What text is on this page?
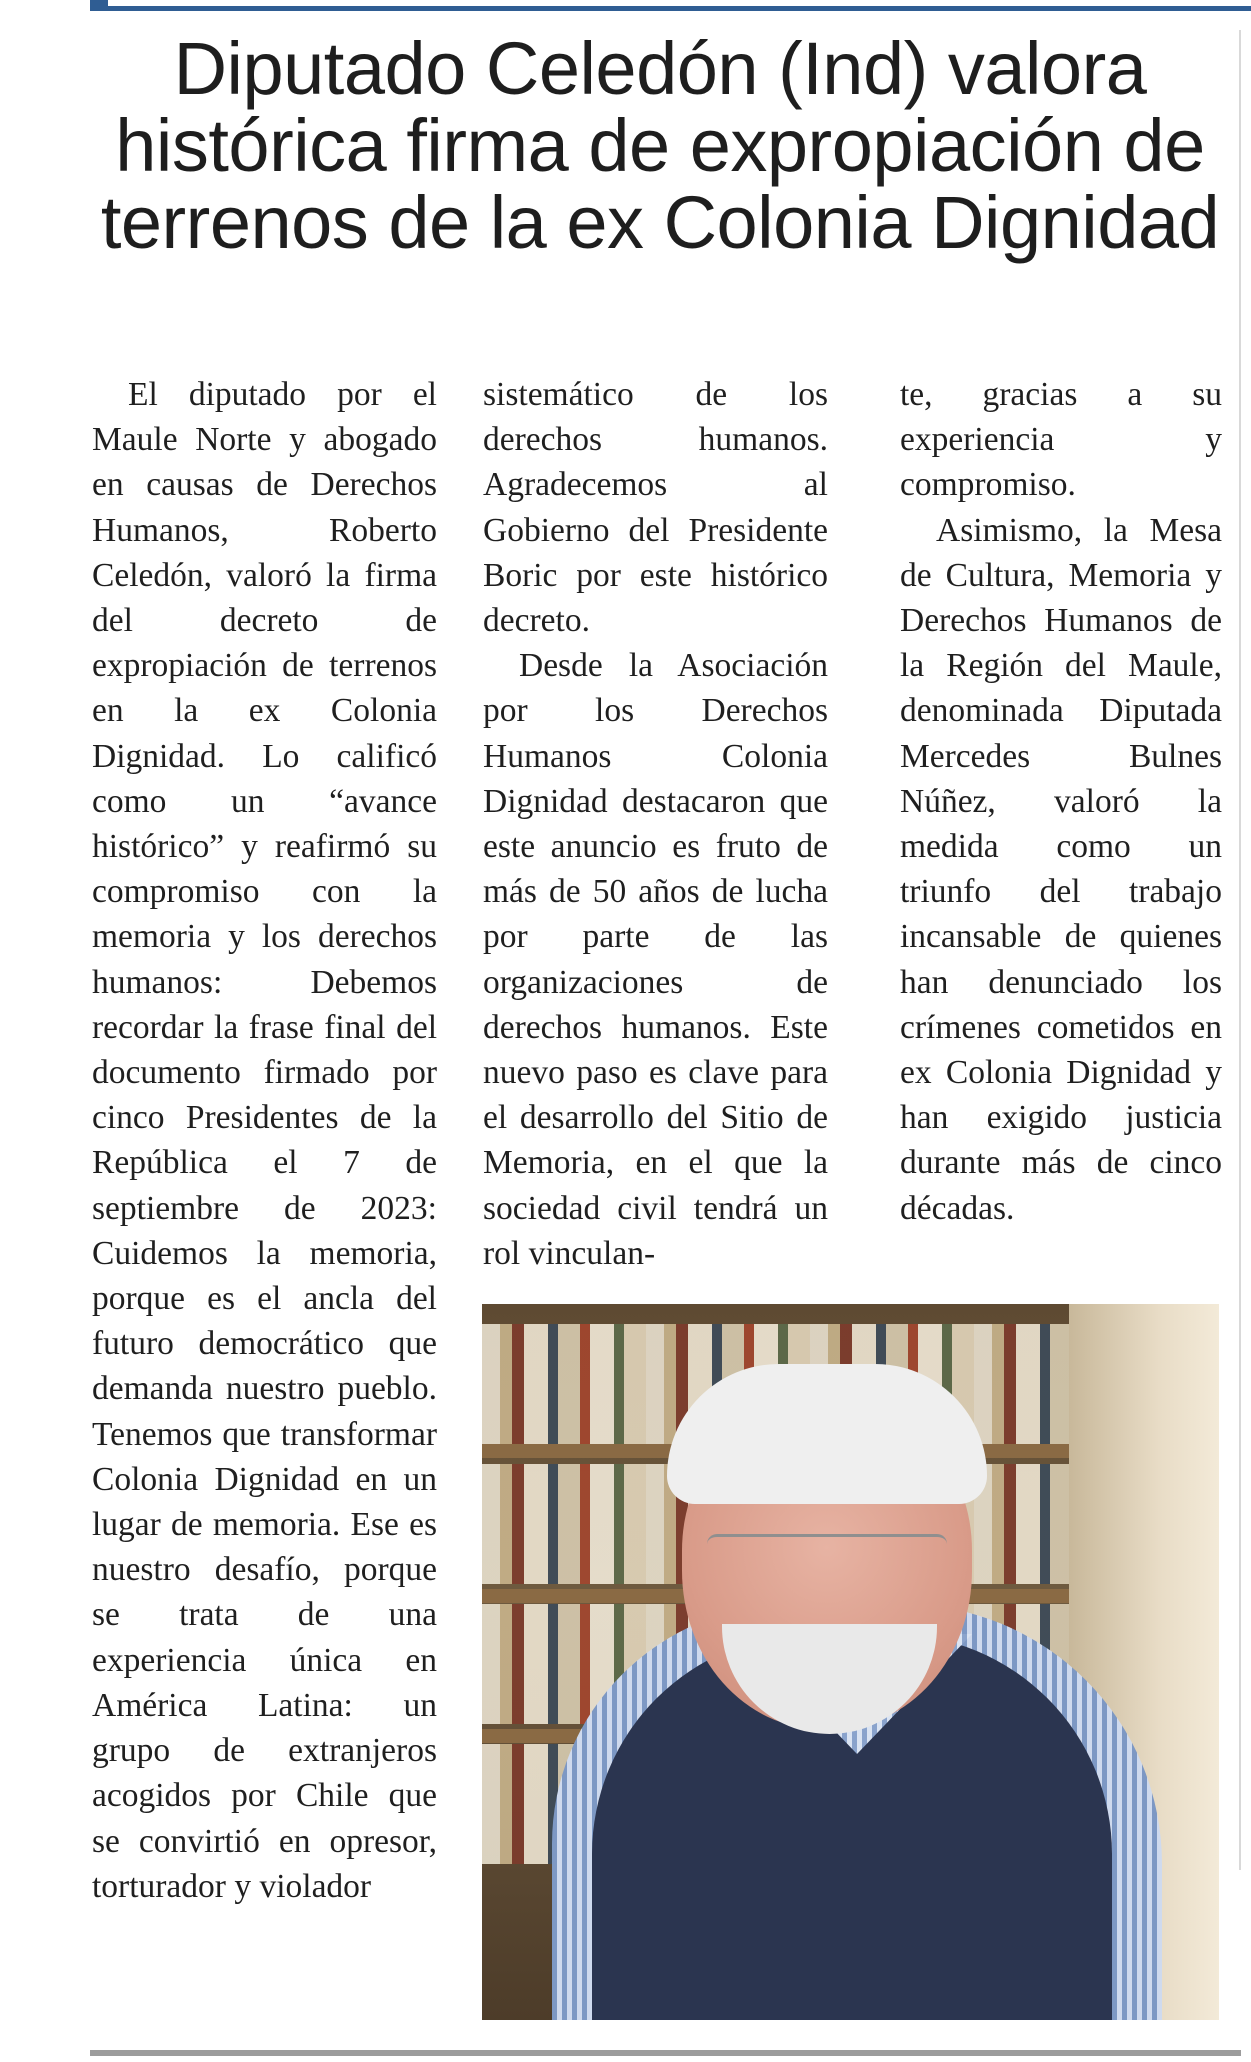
Diputado Celedón (Ind) valora histórica firma de expropiación de terrenos de la ex Colonia Dignidad

El diputado por el Maule Norte y abogado en causas de Derechos Humanos, Roberto Celedón, valoró la firma del decreto de expropiación de terrenos en la ex Colonia Dignidad. Lo calificó como un “avance histórico” y reafirmó su compromiso con la memoria y los derechos humanos: Debemos recordar la frase final del documento firmado por cinco Presidentes de la República el 7 de septiembre de 2023: Cuidemos la memoria, porque es el ancla del futuro democrático que demanda nuestro pueblo. Tenemos que transformar Colonia Dignidad en un lugar de memoria. Ese es nuestro desafío, porque se trata de una experiencia única en América Latina: un grupo de extranjeros acogidos por Chile que se convirtió en opresor, torturador y violador

sistemático de los derechos humanos. Agradecemos al Gobierno del Presidente Boric por este histórico decreto.

Desde la Asociación por los Derechos Humanos Colonia Dignidad destacaron que este anuncio es fruto de más de 50 años de lucha por parte de las organizaciones de derechos humanos. Este nuevo paso es clave para el desarrollo del Sitio de Memoria, en el que la sociedad civil tendrá un rol vinculan-

te, gracias a su experiencia y compromiso.

Asimismo, la Mesa de Cultura, Memoria y Derechos Humanos de la Región del Maule, denominada Diputada Mercedes Bulnes Núñez, valoró la medida como un triunfo del trabajo incansable de quienes han denunciado los crímenes cometidos en ex Colonia Dignidad y han exigido justicia durante más de cinco décadas.
